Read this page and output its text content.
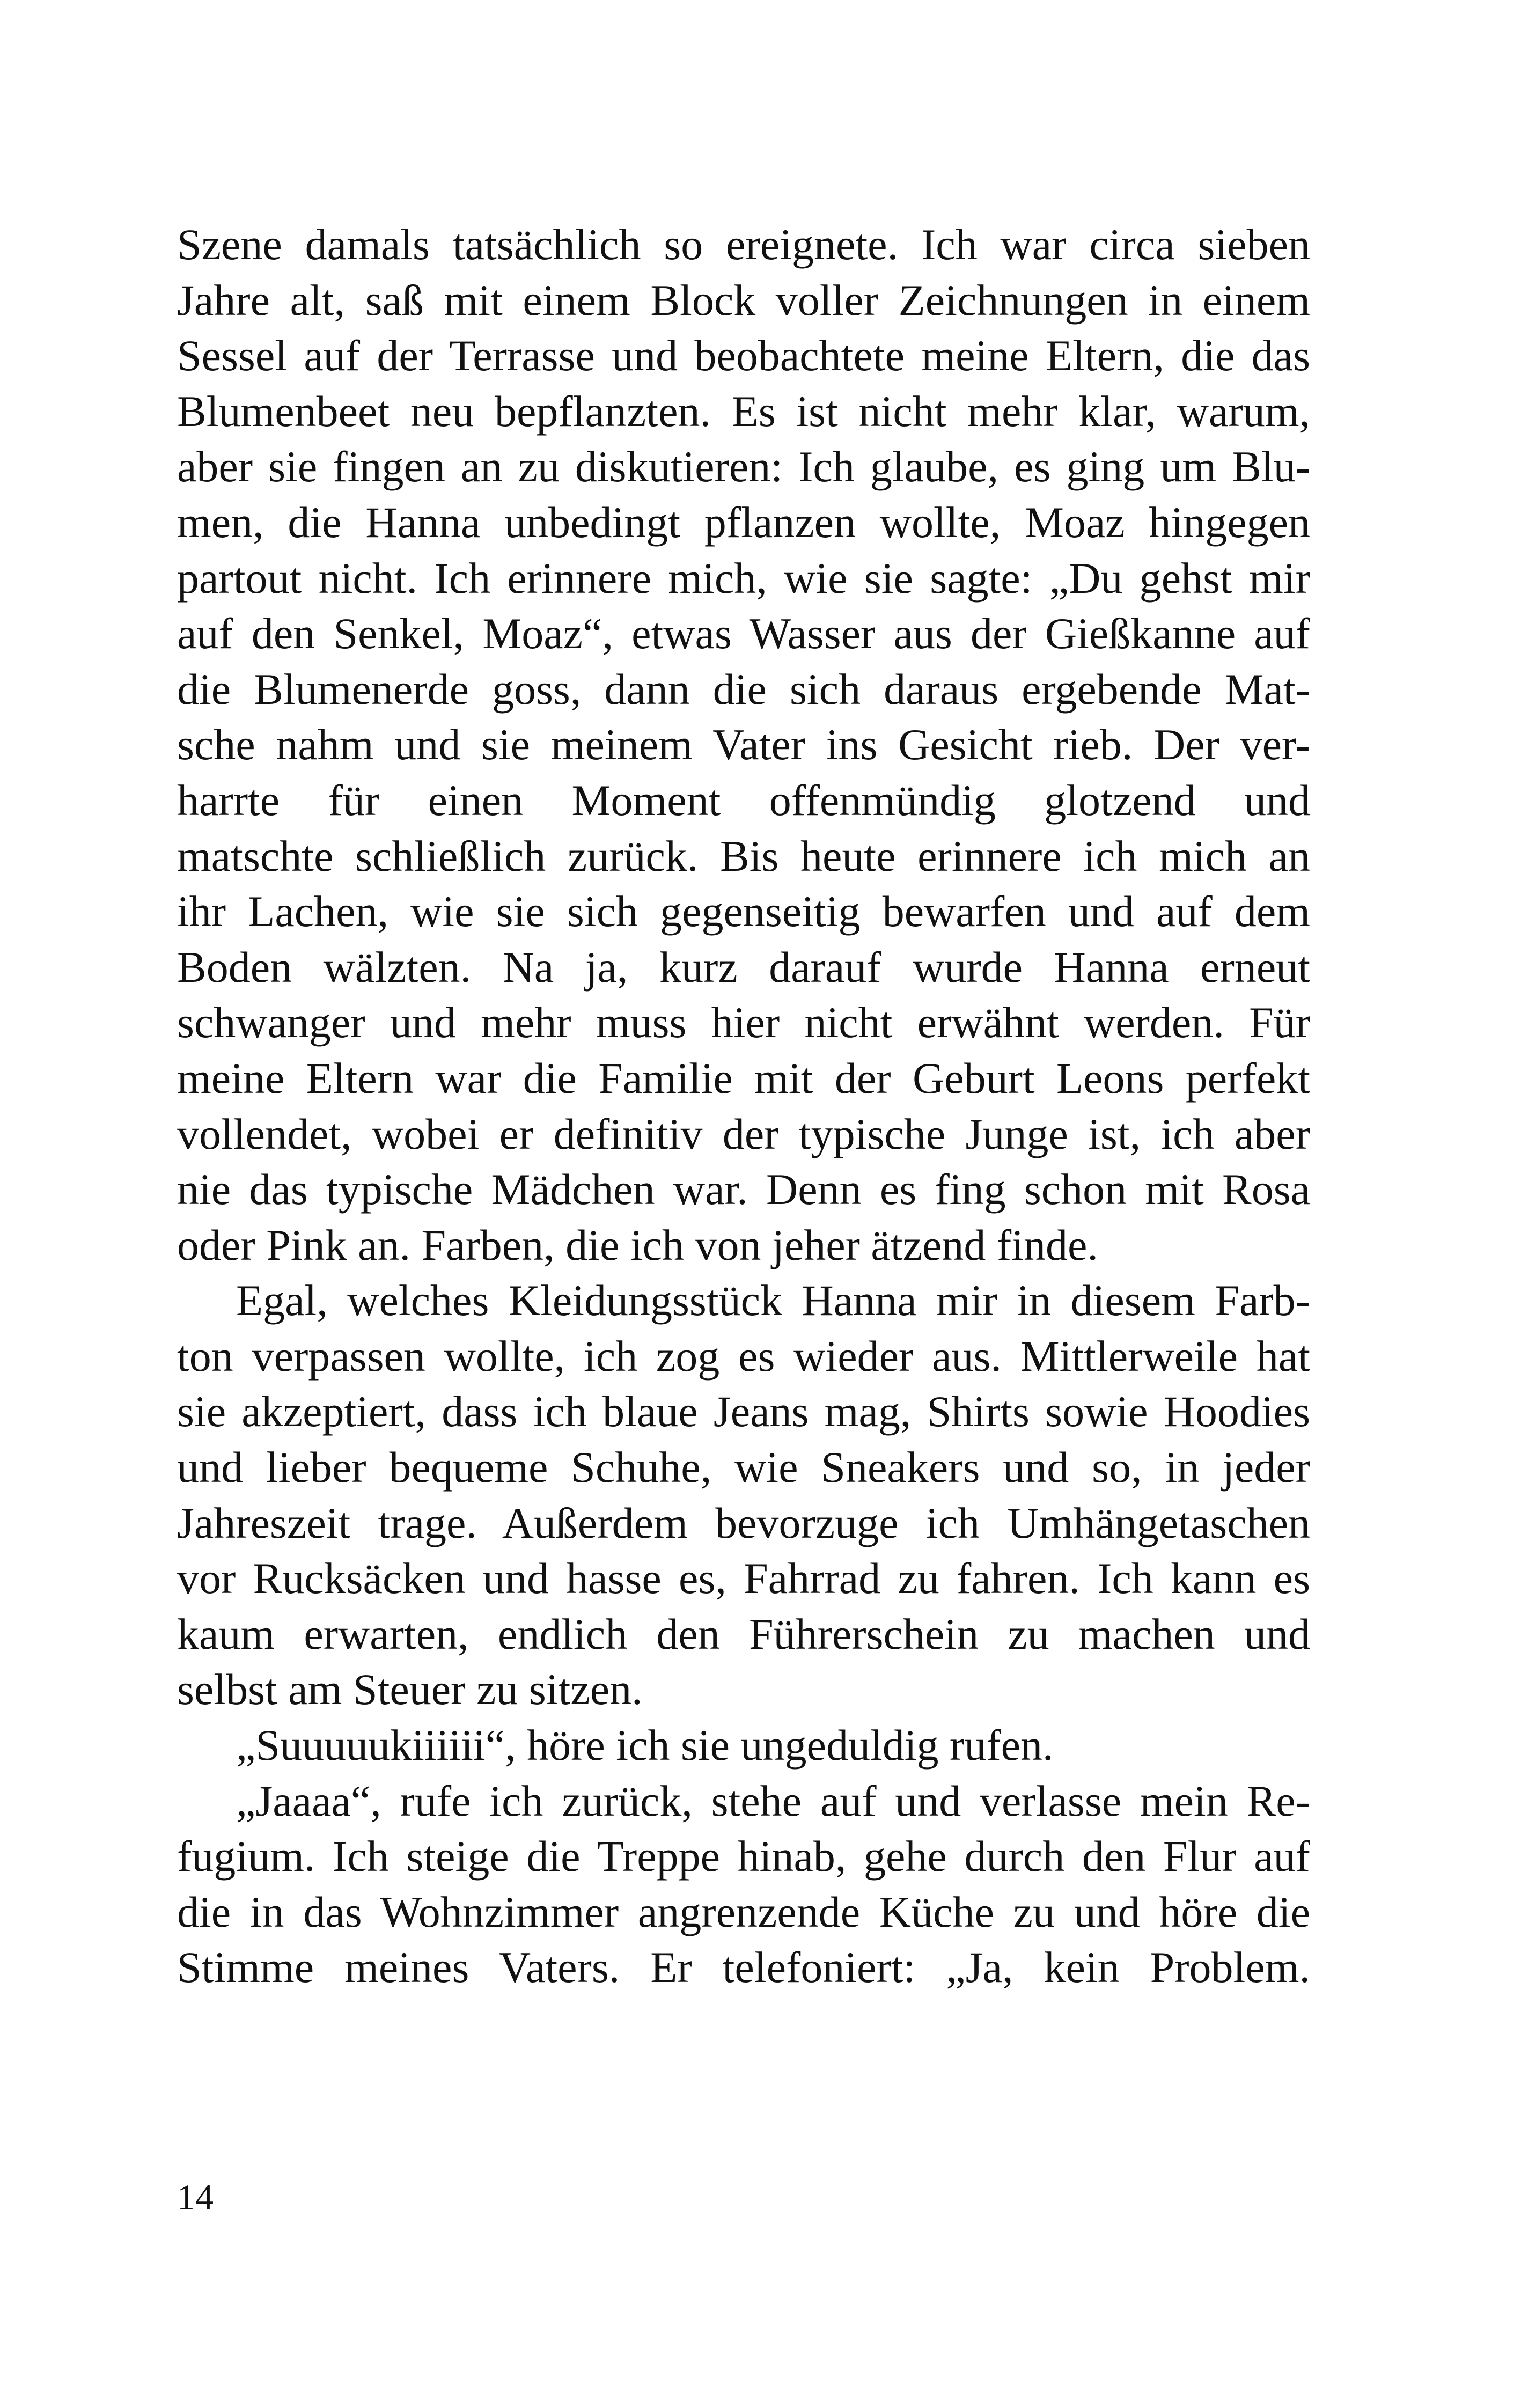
Szene damals tatsächlich so ereignete. Ich war circa sieben
Jahre alt, saß mit einem Block voller Zeichnungen in einem
Sessel auf der Terrasse und beobachtete meine Eltern, die das
Blumenbeet neu bepflanzten. Es ist nicht mehr klar, warum,
aber sie fingen an zu diskutieren: Ich glaube, es ging um Blu-
men, die Hanna unbedingt pflanzen wollte, Moaz hingegen
partout nicht. Ich erinnere mich, wie sie sagte: „Du gehst mir
auf den Senkel, Moaz“, etwas Wasser aus der Gießkanne auf
die Blumenerde goss, dann die sich daraus ergebende Mat-
sche nahm und sie meinem Vater ins Gesicht rieb. Der ver-
harrte für einen Moment offenmündig glotzend und
matschte schließlich zurück. Bis heute erinnere ich mich an
ihr Lachen, wie sie sich gegenseitig bewarfen und auf dem
Boden wälzten. Na ja, kurz darauf wurde Hanna erneut
schwanger und mehr muss hier nicht erwähnt werden. Für
meine Eltern war die Familie mit der Geburt Leons perfekt
vollendet, wobei er definitiv der typische Junge ist, ich aber
nie das typische Mädchen war. Denn es fing schon mit Rosa
oder Pink an. Farben, die ich von jeher ätzend finde.
Egal, welches Kleidungsstück Hanna mir in diesem Farb-
ton verpassen wollte, ich zog es wieder aus. Mittlerweile hat
sie akzeptiert, dass ich blaue Jeans mag, Shirts sowie Hoodies
und lieber bequeme Schuhe, wie Sneakers und so, in jeder
Jahreszeit trage. Außerdem bevorzuge ich Umhängetaschen
vor Rucksäcken und hasse es, Fahrrad zu fahren. Ich kann es
kaum erwarten, endlich den Führerschein zu machen und
selbst am Steuer zu sitzen.
„Suuuuukiiiiii“, höre ich sie ungeduldig rufen.
„Jaaaa“, rufe ich zurück, stehe auf und verlasse mein Re-
fugium. Ich steige die Treppe hinab, gehe durch den Flur auf
die in das Wohnzimmer angrenzende Küche zu und höre die
Stimme meines Vaters. Er telefoniert: „Ja, kein Problem.
14
